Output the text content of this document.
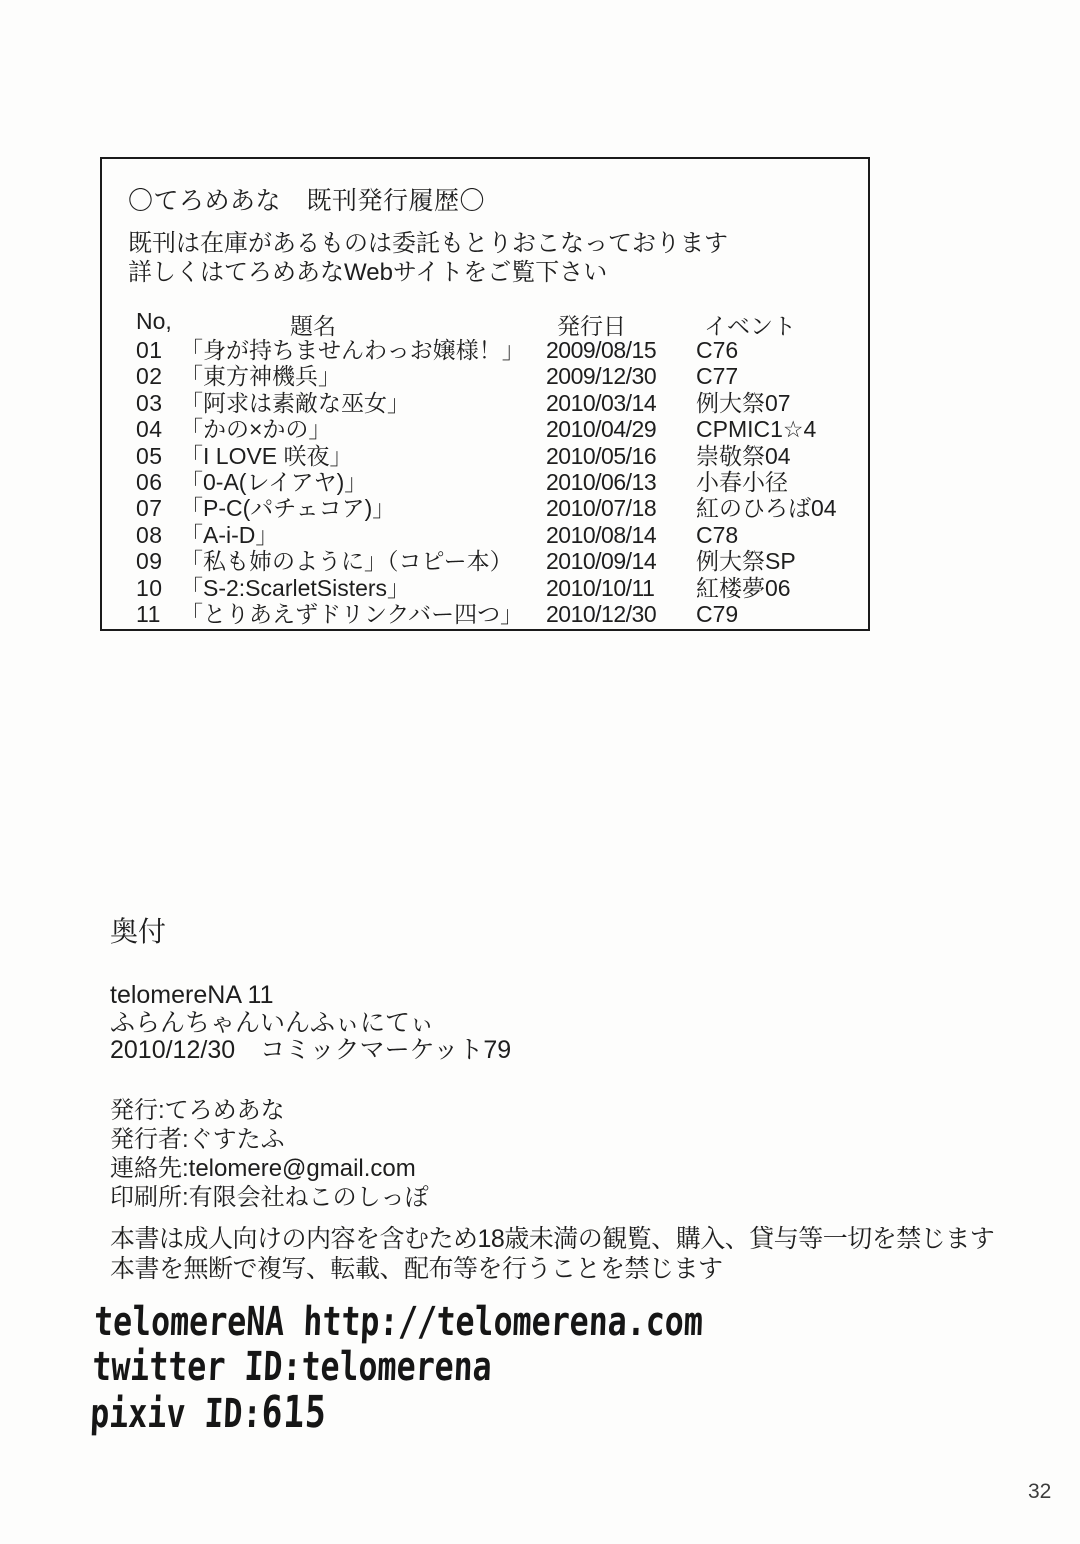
〇てろめあな　既刊発行履歴〇
既刊は在庫があるものは委託もとりおこなっております
詳しくはてろめあなWebサイトをご覧下さい
No,	題名	発行日	イベント
01 「身が持ちませんわっお嬢様！」 2009/08/15	C76
02 「東方神機兵」	2009/12/30	C77
03 「阿求は素敵な巫女」	2010/03/14	例大祭07
04 「かの×かの」	2010/04/29	CPMIC1☆4
05 「I LOVE 咲夜」	2010/05/16	崇敬祭04
06 「0-A(レイアヤ)」	2010/06/13	小春小径
07 「P-C(パチェコア)」	2010/07/18	紅のひろば04
08 「A-i-D」	2010/08/14	C78
09 「私も姉のように」（コピー本）	2010/09/14	例大祭SP
10 「S-2:ScarletSisters」	2010/10/11	紅楼夢06
11 「とりあえずドリンクバー四つ」 2010/12/30	C79
奥付
telomereNA 11
ふらんちゃんいんふぃにてぃ
2010/12/30　コミックマーケット79
発行:てろめあな
発行者:ぐすたふ
連絡先:telomere@gmail.com
印刷所:有限会社ねこのしっぽ
本書は成人向けの内容を含むため18歳未満の観覧、購入、貸与等一切を禁じます
本書を無断で複写、転載、配布等を行うことを禁じます
telomereNA http://telomerena.com
twitter ID:telomerena
pixiv ID:615
32
